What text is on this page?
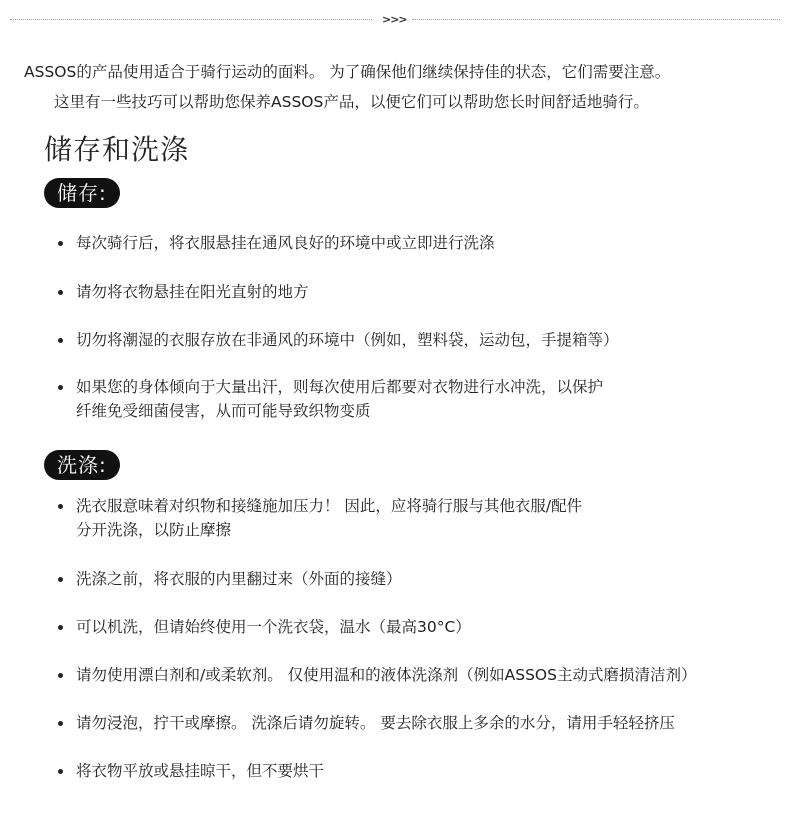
>>>
ASSOS的产品使用适合于骑行运动的面料。 为了确保他们继续保持佳的状态，它们需要注意。
这里有一些技巧可以帮助您保养ASSOS产品，以便它们可以帮助您长时间舒适地骑行。
储存和洗涤
储存:
每次骑行后，将衣服悬挂在通风良好的环境中或立即进行洗涤
请勿将衣物悬挂在阳光直射的地方
切勿将潮湿的衣服存放在非通风的环境中（例如，塑料袋，运动包，手提箱等）
如果您的身体倾向于大量出汗，则每次使用后都要对衣物进行水冲洗，以保护
纤维免受细菌侵害，从而可能导致织物变质
洗涤:
洗衣服意味着对织物和接缝施加压力！ 因此，应将骑行服与其他衣服/配件
分开洗涤，以防止摩擦
洗涤之前，将衣服的内里翻过来（外面的接缝）
可以机洗，但请始终使用一个洗衣袋，温水（最高30°C）
请勿使用漂白剂和/或柔软剂。 仅使用温和的液体洗涤剂（例如ASSOS主动式磨损清洁剂）
请勿浸泡，拧干或摩擦。 洗涤后请勿旋转。 要去除衣服上多余的水分，请用手轻轻挤压
将衣物平放或悬挂晾干，但不要烘干
